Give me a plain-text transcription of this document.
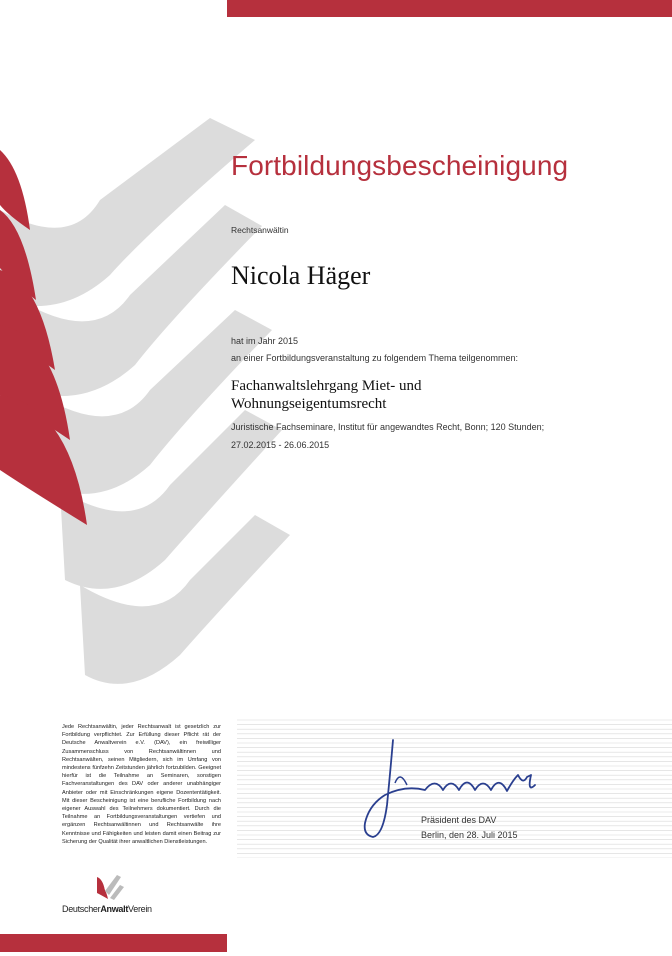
Fortbildungsbescheinigung
Rechtsanwältin
Nicola Häger
hat im Jahr 2015
an einer Fortbildungsveranstaltung zu folgendem Thema teilgenommen:
Fachanwaltslehrgang Miet- und
Wohnungseigentumsrecht
Juristische Fachseminare, Institut für angewandtes Recht, Bonn; 120 Stunden;
27.02.2015 - 26.06.2015
Jede Rechtsanwältin, jeder Rechtsanwalt ist gesetzlich zur Fortbildung verpflichtet. Zur Erfüllung dieser Pflicht rät der Deutsche Anwaltverein e.V. (DAV), ein freiwilliger Zusammenschluss von Rechtsanwältinnen und Rechtsanwälten, seinen Mitgliedern, sich im Umfang von mindestens fünfzehn Zeitstunden jährlich fortzubilden. Geeignet hierfür ist die Teilnahme an Seminaren, sonstigen Fachveranstaltungen des DAV oder anderer unabhängiger Anbieter oder mit Einschränkungen eigene Dozententätigkeit. Mit dieser Bescheinigung ist eine berufliche Fortbildung nach eigener Auswahl des Teilnehmers dokumentiert. Durch die Teilnahme an Fortbildungsveranstaltungen vertiefen und ergänzen Rechtsanwältinnen und Rechtsanwälte ihre Kenntnisse und Fähigkeiten und leisten damit einen Beitrag zur Sicherung der Qualität ihrer anwaltlichen Dienstleistungen.
Präsident des DAV
Berlin, den 28. Juli 2015
DeutscherAnwaltVerein
